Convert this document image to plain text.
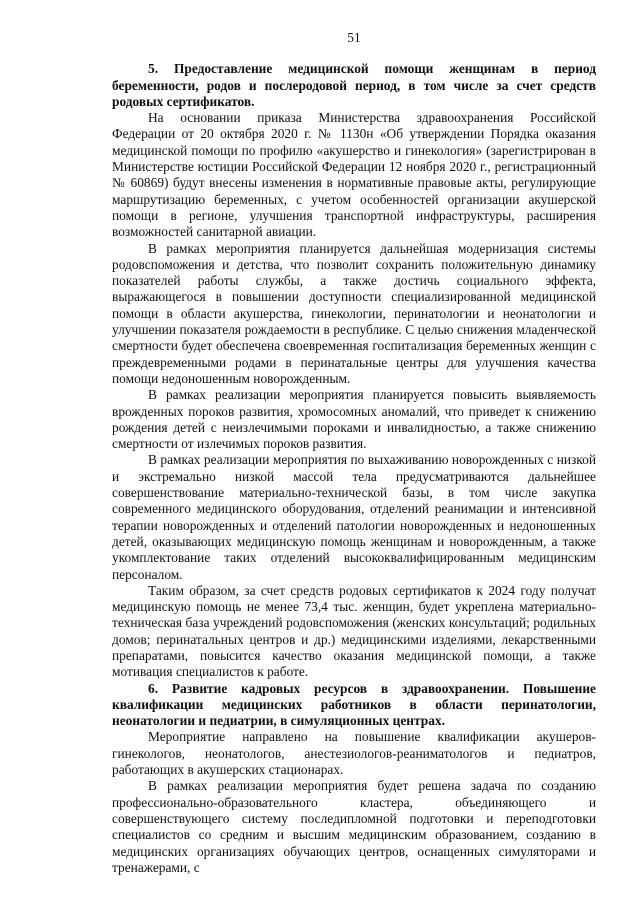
51

5. Предоставление медицинской помощи женщинам в период беременности, родов и послеродовой период, в том числе за счет средств родовых сертификатов.

На основании приказа Министерства здравоохранения Российской Федерации от 20 октября 2020 г. № 1130н «Об утверждении Порядка оказания медицинской помощи по профилю «акушерство и гинекология» (зарегистрирован в Министерстве юстиции Российской Федерации 12 ноября 2020 г., регистрационный № 60869) будут внесены изменения в нормативные правовые акты, регулирующие маршрутизацию беременных, с учетом особенностей организации акушерской помощи в регионе, улучшения транспортной инфраструктуры, расширения возможностей санитарной авиации.

В рамках мероприятия планируется дальнейшая модернизация системы родовспоможения и детства, что позволит сохранить положительную динамику показателей работы службы, а также достичь социального эффекта, выражающегося в повышении доступности специализированной медицинской помощи в области акушерства, гинекологии, перинатологии и неонатологии и улучшении показателя рождаемости в республике. С целью снижения младенческой смертности будет обеспечена своевременная госпитализация беременных женщин с преждевременными родами в перинатальные центры для улучшения качества помощи недоношенным новорожденным.

В рамках реализации мероприятия планируется повысить выявляемость врожденных пороков развития, хромосомных аномалий, что приведет к снижению рождения детей с неизлечимыми пороками и инвалидностью, а также снижению смертности от излечимых пороков развития.

В рамках реализации мероприятия по выхаживанию новорожденных с низкой и экстремально низкой массой тела предусматриваются дальнейшее совершенствование материально-технической базы, в том числе закупка современного медицинского оборудования, отделений реанимации и интенсивной терапии новорожденных и отделений патологии новорожденных и недоношенных детей, оказывающих медицинскую помощь женщинам и новорожденным, а также укомплектование таких отделений высококвалифицированным медицинским персоналом.

Таким образом, за счет средств родовых сертификатов к 2024 году получат медицинскую помощь не менее 73,4 тыс. женщин, будет укреплена материально-техническая база учреждений родовспоможения (женских консультаций; родильных домов; перинатальных центров и др.) медицинскими изделиями, лекарственными препаратами, повысится качество оказания медицинской помощи, а также мотивация специалистов к работе.

6. Развитие кадровых ресурсов в здравоохранении. Повышение квалификации медицинских работников в области перинатологии, неонатологии и педиатрии, в симуляционных центрах.

Мероприятие направлено на повышение квалификации акушеров-гинекологов, неонатологов, анестезиологов-реаниматологов и педиатров, работающих в акушерских стационарах.

В рамках реализации мероприятия будет решена задача по созданию профессионально-образовательного кластера, объединяющего и совершенствующего систему последипломной подготовки и переподготовки специалистов со средним и высшим медицинским образованием, созданию в медицинских организациях обучающих центров, оснащенных симуляторами и тренажерами, с
